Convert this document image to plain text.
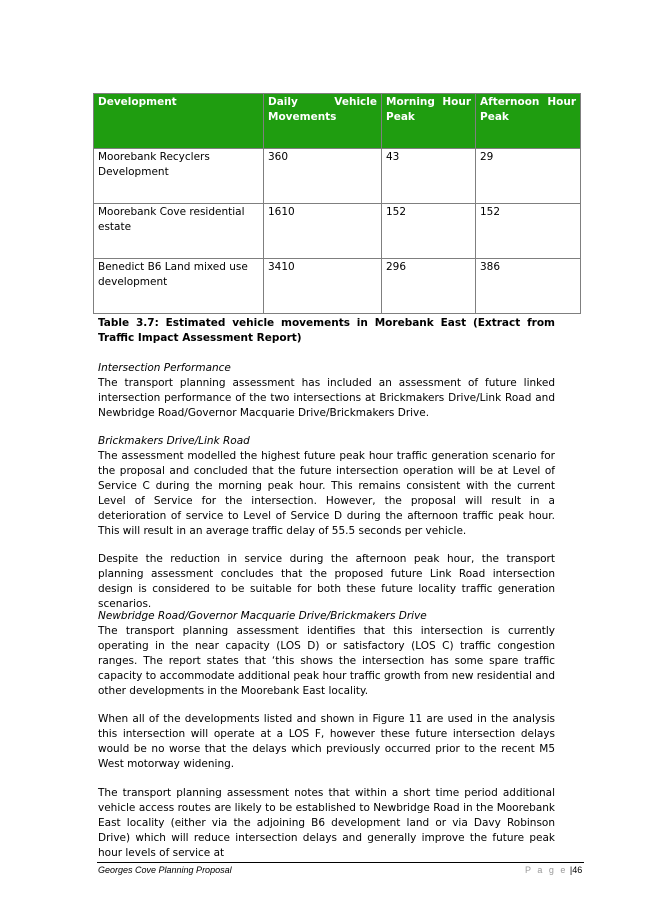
Development	Daily Vehicle Movements	Morning Hour Peak	Afternoon Hour Peak

Moorebank Recyclers Development	360	43	29
Moorebank Cove residential estate	1610	152	152
Benedict B6 Land mixed use development	3410	296	386
Table 3.7: Estimated vehicle movements in Morebank East (Extract from Traffic Impact Assessment Report)

Intersection Performance

The transport planning assessment has included an assessment of future linked intersection performance of the two intersections at Brickmakers Drive/Link Road and Newbridge Road/Governor Macquarie Drive/Brickmakers Drive.

Brickmakers Drive/Link Road

The assessment modelled the highest future peak hour traffic generation scenario for the proposal and concluded that the future intersection operation will be at Level of Service C during the morning peak hour. This remains consistent with the current Level of Service for the intersection. However, the proposal will result in a deterioration of service to Level of Service D during the afternoon traffic peak hour. This will result in an average traffic delay of 55.5 seconds per vehicle.

Despite the reduction in service during the afternoon peak hour, the transport planning assessment concludes that the proposed future Link Road intersection design is considered to be suitable for both these future locality traffic generation scenarios.

Newbridge Road/Governor Macquarie Drive/Brickmakers Drive

The transport planning assessment identifies that this intersection is currently operating in the near capacity (LOS D) or satisfactory (LOS C) traffic congestion ranges. The report states that ‘this shows the intersection has some spare traffic capacity to accommodate additional peak hour traffic growth from new residential and other developments in the Moorebank East locality.

When all of the developments listed and shown in Figure 11 are used in the analysis this intersection will operate at a LOS F, however these future intersection delays would be no worse that the delays which previously occurred prior to the recent M5 West motorway widening.

The transport planning assessment notes that within a short time period additional vehicle access routes are likely to be established to Newbridge Road in the Moorebank East locality (either via the adjoining B6 development land or via Davy Robinson Drive) which will reduce intersection delays and generally improve the future peak hour levels of service at

Georges Cove Planning Proposal	P a g e |46
